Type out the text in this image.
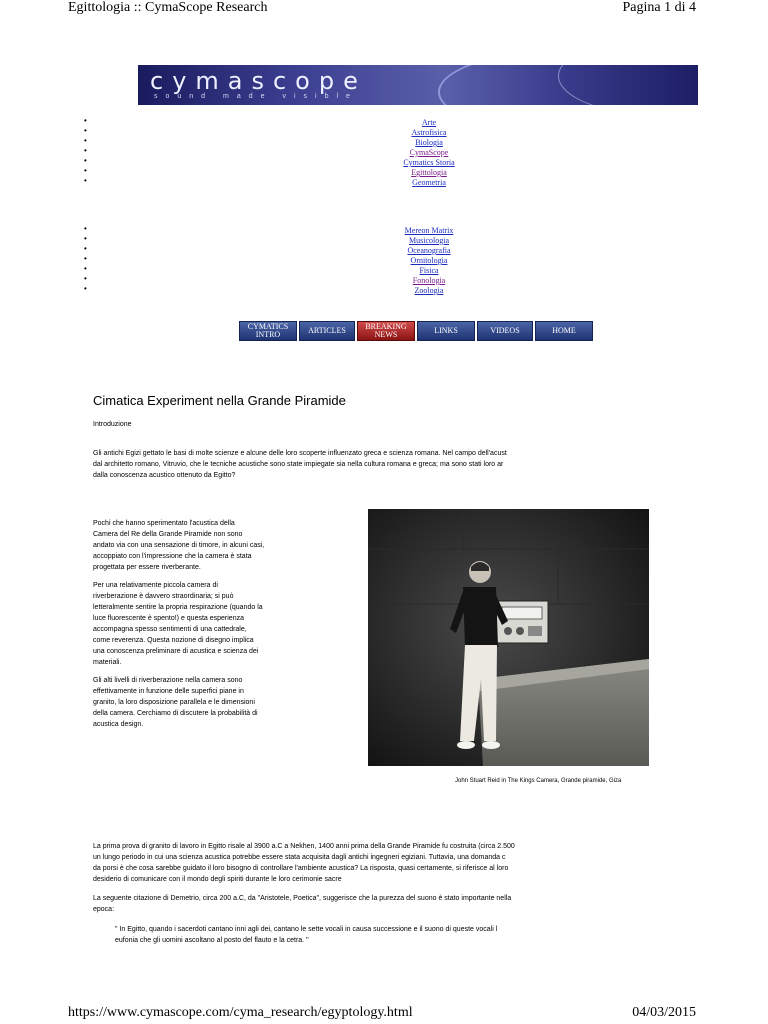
Egittologia :: CymaScope Research	Pagina 1 di 4
cymascope
sound made visible
•	Arte
•	Astrofisica
•	Biologia
•	CymaScope
•	Cymatics Storia
•	Egittologia
•	Geometria
•	Mereon Matrix
•	Musicologia
•	Oceanografia
•	Ornitologia
•	Fisica
•	Fonologia
•	Zoologia
CYMATICS
INTRO	ARTICLES BREAKING
NEWS	LINKS	VIDEOS	HOME
Cimatica Experiment nella Grande Piramide
Introduzione

Gli antichi Egizi gettato le basi di molte scienze e alcune delle loro scoperte influenzato greca e scienza romana. Nel campo dell'acust

dal architetto romano, Vitruvio, che le tecniche acustiche sono state impiegate sia nella cultura romana e greca; ma sono stati loro ar

dalla conoscenza acustico ottenuto da Egitto?

Pochi che hanno sperimentato l'acustica della

Camera del Re della Grande Piramide non sono

andato via con una sensazione di timore, in alcuni casi,

accoppiato con l'impressione che la camera è stata

progettata per essere riverberante.

Per una relativamente piccola camera di

riverberazione è davvero straordinaria; si può

letteralmente sentire la propria respirazione (quando la

luce fluorescente è spento!) e questa esperienza

accompagna spesso sentimenti di una cattedrale,

come reverenza. Questa nozione di disegno implica

una conoscenza preliminare di acustica e scienza dei

materiali.

Gli alti livelli di riverberazione nella camera sono

effettivamente in funzione delle superfici piane in

granito, la loro disposizione parallela e le dimensioni

della camera. Cerchiamo di discutere la probabilità di

acustica design.

John Stuart Reid in The Kings Camera, Grande piramide, Giza

La prima prova di granito di lavoro in Egitto risale al 3900 a.C a Nekhen, 1400 anni prima della Grande Piramide fu costruita (circa 2.500

un lungo periodo in cui una scienza acustica potrebbe essere stata acquisita dagli antichi ingegneri egiziani. Tuttavia, una domanda c

da porsi è che cosa sarebbe guidato il loro bisogno di controllare l'ambiente acustica? La risposta, quasi certamente, si riferisce al loro

desiderio di comunicare con il mondo degli spiriti durante le loro cerimonie sacre

La seguente citazione di Demetrio, circa 200 a.C, da "Aristotele, Poetica", suggerisce che la purezza del suono è stato importante nella

epoca:

" In Egitto, quando i sacerdoti cantano inni agli dei, cantano le sette vocali in causa successione e il suono di queste vocali l

eufonia che gli uomini ascoltano al posto del flauto e la cetra. "

https://www.cymascope.com/cyma_research/egyptology.html	04/03/2015
